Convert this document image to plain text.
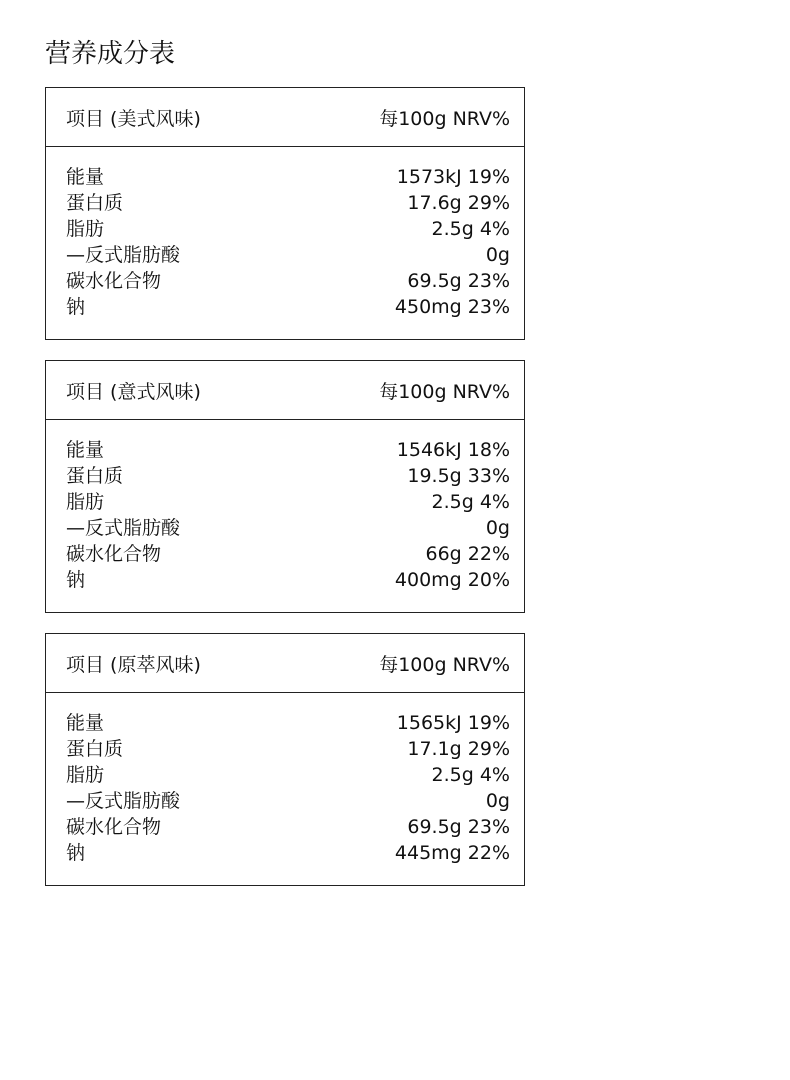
营养成分表
项目 (美式风味)	每100g NRV%
能量	1573kJ 19%
蛋白质	17.6g 29%
脂肪	2.5g 4%
—反式脂肪酸	0g
碳水化合物	69.5g 23%
钠	450mg 23%
项目 (意式风味)	每100g NRV%
能量	1546kJ 18%
蛋白质	19.5g 33%
脂肪	2.5g 4%
—反式脂肪酸	0g
碳水化合物	66g 22%
钠	400mg 20%
项目 (原萃风味)	每100g NRV%
能量	1565kJ 19%
蛋白质	17.1g 29%
脂肪	2.5g 4%
—反式脂肪酸	0g
碳水化合物	69.5g 23%
钠	445mg 22%
